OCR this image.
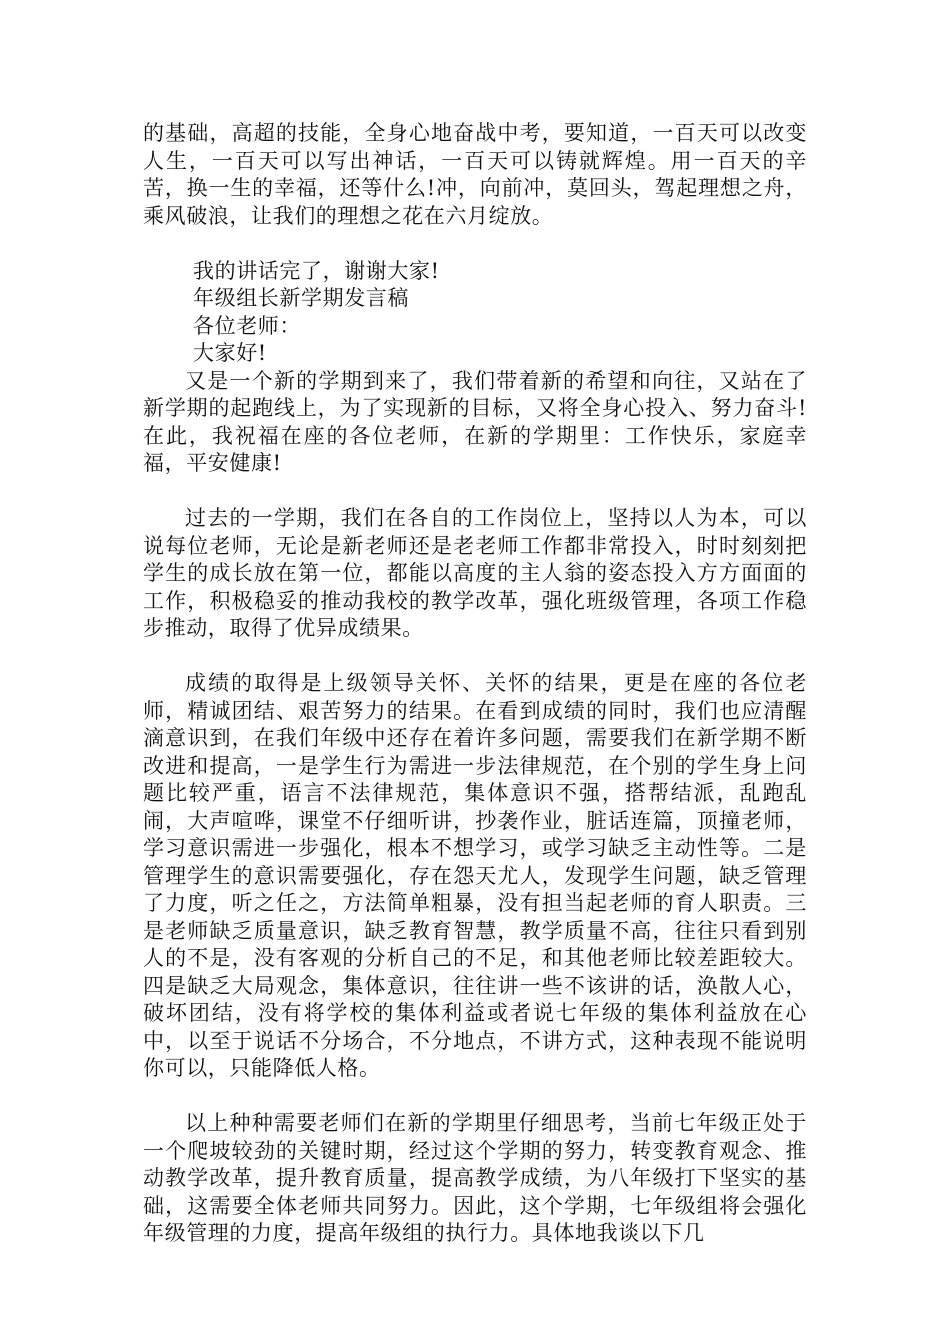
的基础，高超的技能，全身心地奋战中考，要知道，一百天可以改变人生，一百天可以写出神话，一百天可以铸就辉煌。用一百天的辛苦，换一生的幸福，还等什么!冲，向前冲，莫回头，驾起理想之舟，乘风破浪，让我们的理想之花在六月绽放。

我的讲话完了，谢谢大家!

年级组长新学期发言稿

各位老师：

大家好!

又是一个新的学期到来了，我们带着新的希望和向往，又站在了新学期的起跑线上，为了实现新的目标，又将全身心投入、努力奋斗!在此，我祝福在座的各位老师，在新的学期里：工作快乐，家庭幸福，平安健康!

过去的一学期，我们在各自的工作岗位上，坚持以人为本，可以说每位老师，无论是新老师还是老老师工作都非常投入，时时刻刻把学生的成长放在第一位，都能以高度的主人翁的姿态投入方方面面的工作，积极稳妥的推动我校的教学改革，强化班级管理，各项工作稳步推动，取得了优异成绩果。

成绩的取得是上级领导关怀、关怀的结果，更是在座的各位老师，精诚团结、艰苦努力的结果。在看到成绩的同时，我们也应清醒滴意识到，在我们年级中还存在着许多问题，需要我们在新学期不断改进和提高，一是学生行为需进一步法律规范，在个别的学生身上问题比较严重，语言不法律规范，集体意识不强，搭帮结派，乱跑乱闹，大声喧哗，课堂不仔细听讲，抄袭作业，脏话连篇，顶撞老师，学习意识需进一步强化，根本不想学习，或学习缺乏主动性等。二是管理学生的意识需要强化，存在怨天尤人，发现学生问题，缺乏管理了力度，听之任之，方法简单粗暴，没有担当起老师的育人职责。三是老师缺乏质量意识，缺乏教育智慧，教学质量不高，往往只看到别人的不是，没有客观的分析自己的不足，和其他老师比较差距较大。四是缺乏大局观念，集体意识，往往讲一些不该讲的话，涣散人心，破坏团结，没有将学校的集体利益或者说七年级的集体利益放在心中，以至于说话不分场合，不分地点，不讲方式，这种表现不能说明你可以，只能降低人格。

以上种种需要老师们在新的学期里仔细思考，当前七年级正处于一个爬坡较劲的关键时期，经过这个学期的努力，转变教育观念、推动教学改革，提升教育质量，提高教学成绩，为八年级打下坚实的基础，这需要全体老师共同努力。因此，这个学期，七年级组将会强化年级管理的力度，提高年级组的执行力。具体地我谈以下几
